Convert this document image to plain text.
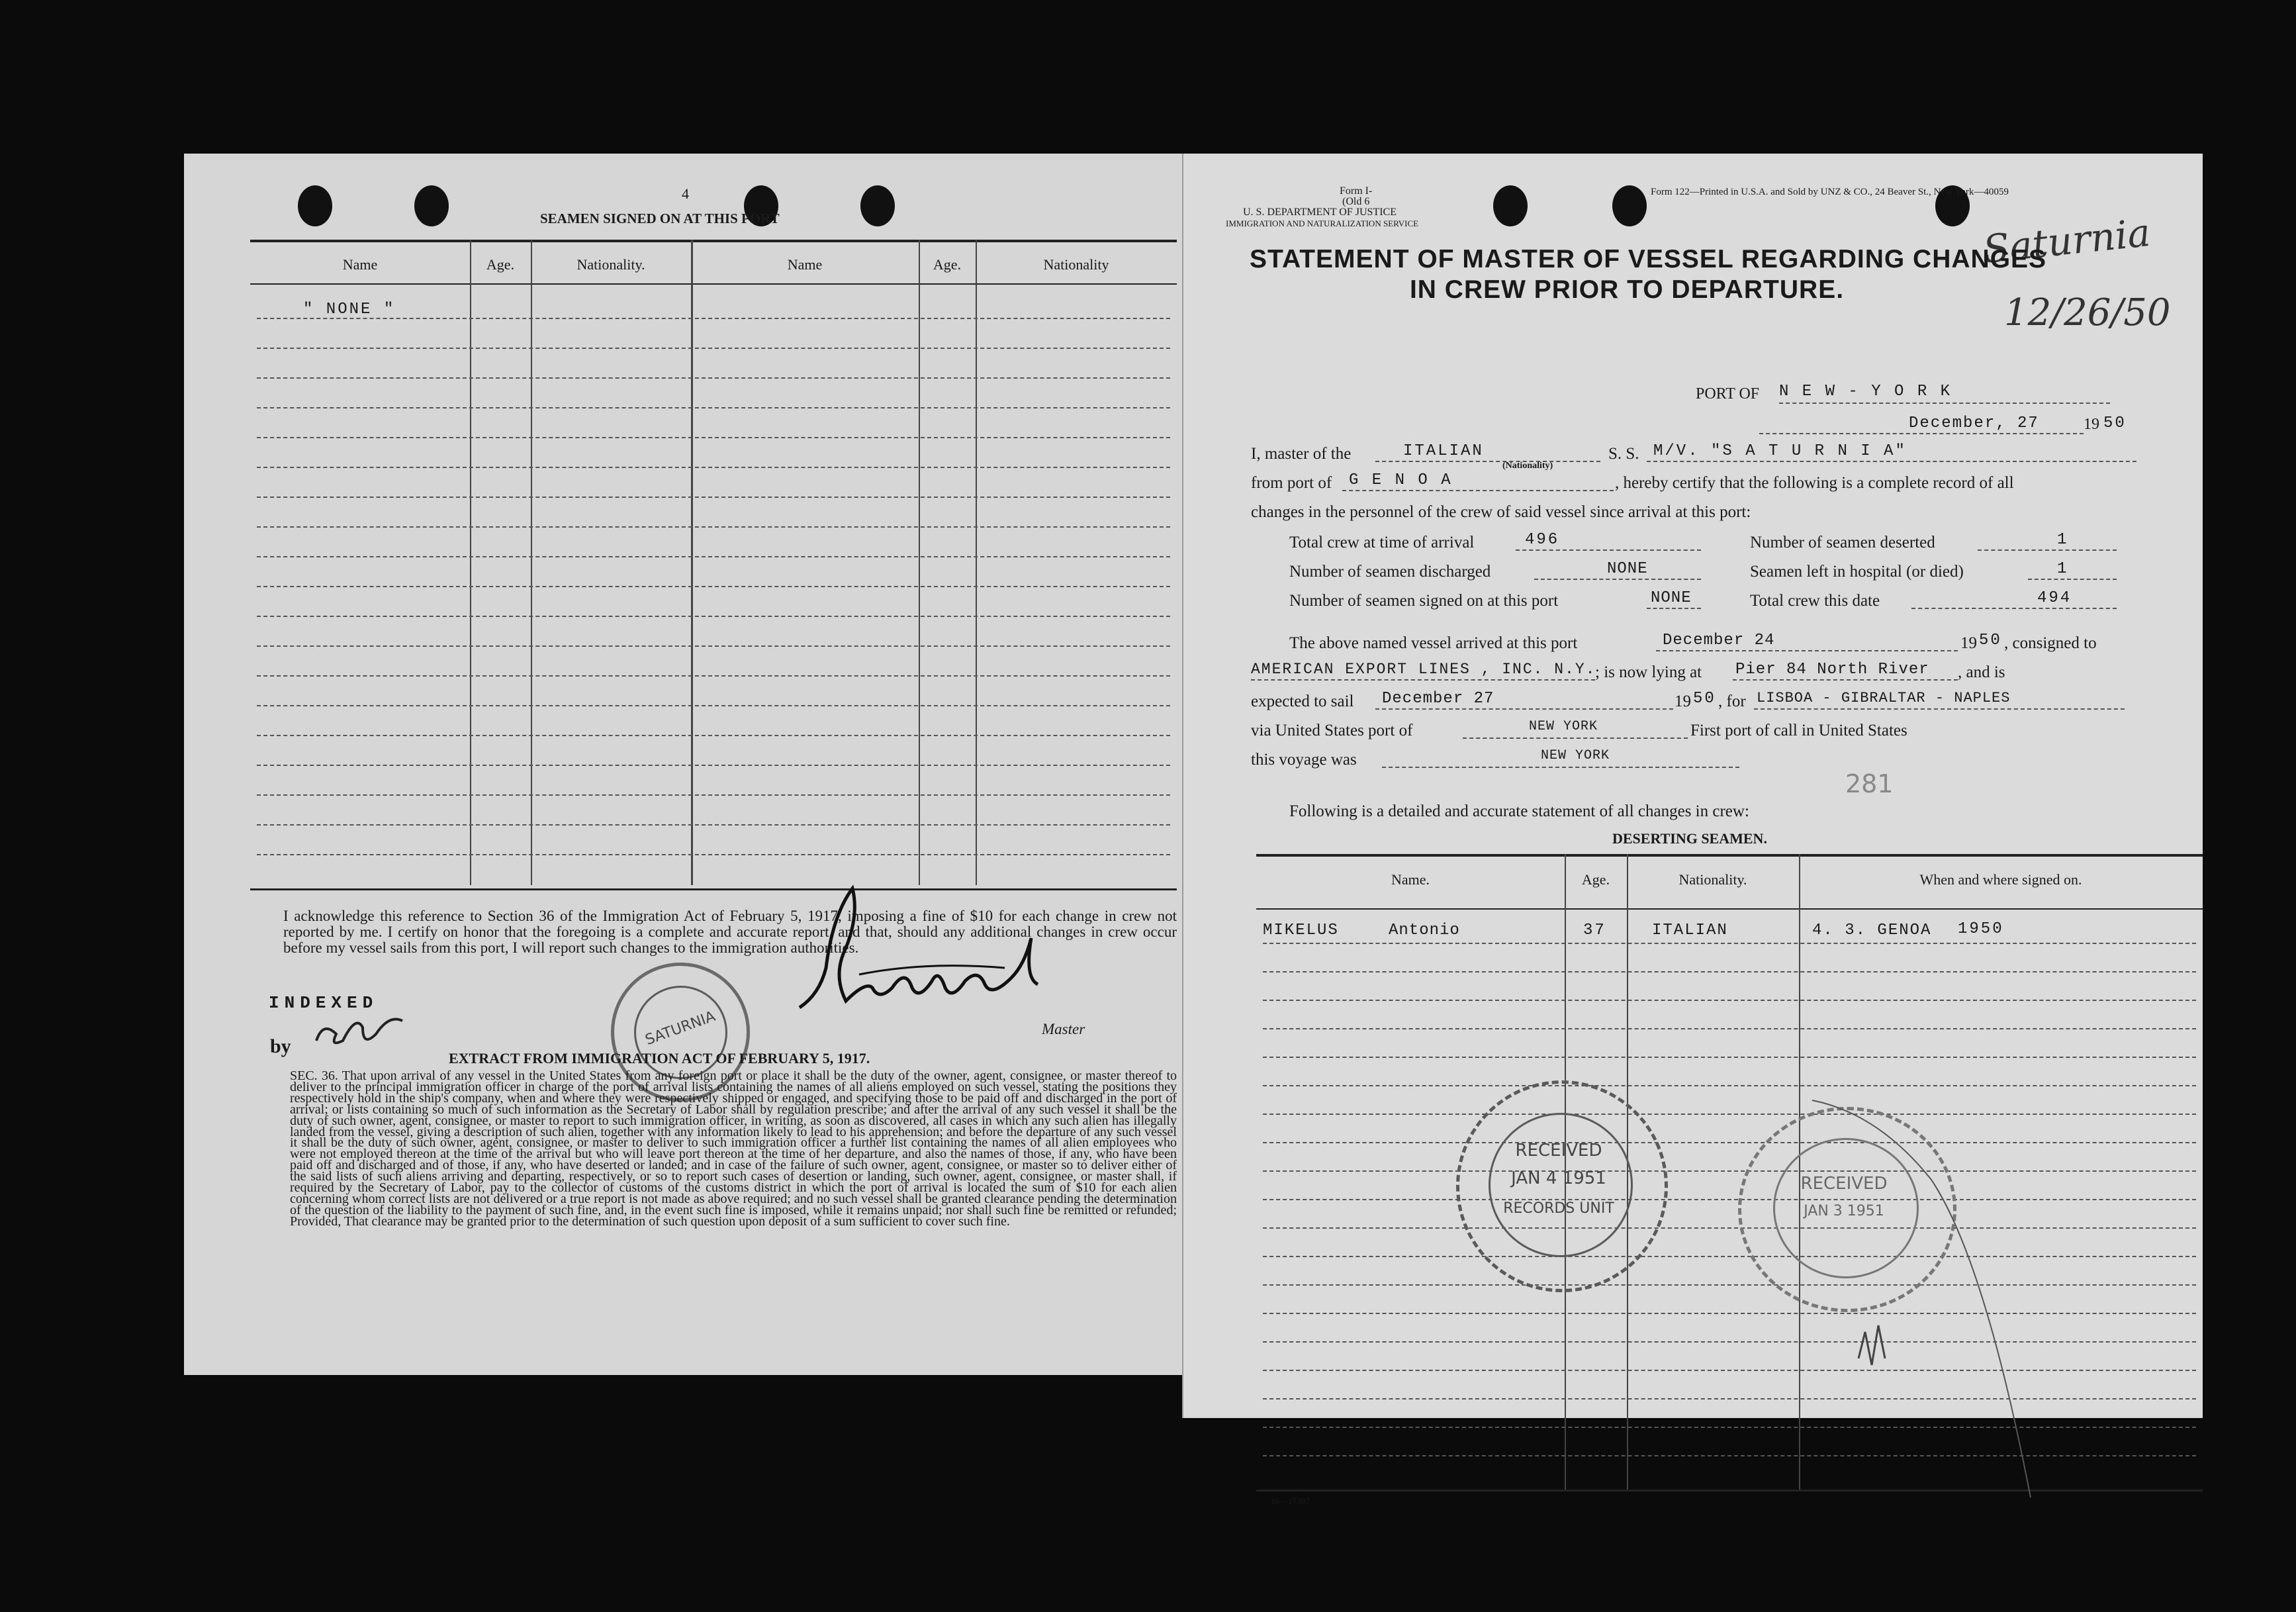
4
SEAMEN SIGNED ON AT THIS PORT
Name	Age.	Nationality.	Name	Age.	Nationality
" NONE "
I acknowledge this reference to Section 36 of the Immigration Act of February 5, 1917, imposing a fine of $10 for each change in crew not reported by me. I certify on honor that the foregoing is a complete and accurate report, and that, should any additional changes in crew occur before my vessel sails from this port, I will report such changes to the immigration authorities.
INDEXED
by	SATURNIA	Master
EXTRACT FROM IMMIGRATION ACT OF FEBRUARY 5, 1917.
SEC. 36. That upon arrival of any vessel in the United States from any foreign port or place it shall be the duty of the owner, agent, consignee, or master thereof to deliver to the principal immigration officer in charge of the port of arrival lists containing the names of all aliens employed on such vessel, stating the positions they respectively hold in the ship's company, when and where they were respectively shipped or engaged, and specifying those to be paid off and discharged in the port of arrival; or lists containing so much of such information as the Secretary of Labor shall by regulation prescribe; and after the arrival of any such vessel it shall be the duty of such owner, agent, consignee, or master to report to such immigration officer, in writing, as soon as discovered, all cases in which any such alien has illegally landed from the vessel, giving a description of such alien, together with any information likely to lead to his apprehension; and before the departure of any such vessel it shall be the duty of such owner, agent, consignee, or master to deliver to such immigration officer a further list containing the names of all alien employees who were not employed thereon at the time of the arrival but who will leave port thereon at the time of her departure, and also the names of those, if any, who have been paid off and discharged and of those, if any, who have deserted or landed; and in case of the failure of such owner, agent, consignee, or master so to deliver either of the said lists of such aliens arriving and departing, respectively, or so to report such cases of desertion or landing, such owner, agent, consignee, or master shall, if required by the Secretary of Labor, pay to the collector of customs of the customs district in which the port of arrival is located the sum of $10 for each alien concerning whom correct lists are not delivered or a true report is not made as above required; and no such vessel shall be granted clearance pending the determination of the question of the liability to the payment of such fine, and, in the event such fine is imposed, while it remains unpaid; nor shall such fine be remitted or refunded; Provided, That clearance may be granted prior to the determination of such question upon deposit of a sum sufficient to cover such fine.
Form I-
(Old 6
U. S. DEPARTMENT OF JUSTICE
IMMIGRATION AND NATURALIZATION SERVICE
Form 122—Printed in U.S.A. and Sold by UNZ & CO., 24 Beaver St., New York—40059
Saturnia
12/26/50
STATEMENT OF MASTER OF VESSEL REGARDING CHANGES
IN CREW PRIOR TO DEPARTURE.
PORT OF N E W - Y O R K
December, 27	19 50
I, master of the	ITALIAN
(Nationality)
S. S. M/V. "S A T U R N I A"
from port of G E N O A	, hereby certify that the following is a complete record of all
changes in the personnel of the crew of said vessel since arrival at this port:
Total crew at time of arrival	496	Number of seamen deserted	1
Number of seamen discharged	NONE	Seamen left in hospital (or died)	1
Number of seamen signed on at this port	NONE	Total crew this date	494
The above named vessel arrived at this port	December 24	19 50 , consigned to
AMERICAN EXPORT LINES , INC. N.Y.
; is now lying at Pier 84 North River , and is
expected to sail December 27	19 50 , for LISBOA - GIBRALTAR - NAPLES
via United States port of	NEW YORK	First port of call in United States
this voyage was	NEW YORK
281
Following is a detailed and accurate statement of all changes in crew:
DESERTING SEAMEN.
Name.	Age.	Nationality.	When and where signed on.
MIKELUS	Antonio	37	ITALIAN	4. 3. GENOA 1950
RECEIVED
JAN 4 1951
RECORDS UNIT
RECEIVED
JAN 3 1951
16—17387
